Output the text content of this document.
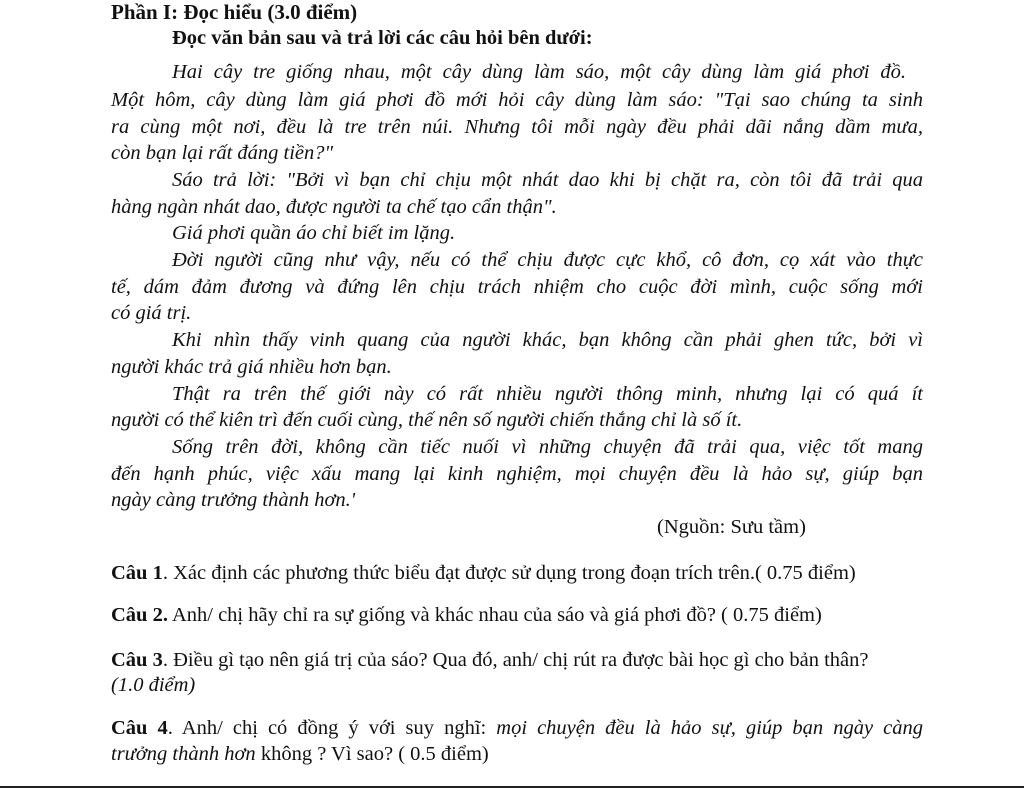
Phần I: Đọc hiểu (3.0 điểm)
Đọc văn bản sau và trả lời các câu hỏi bên dưới:
Hai cây tre giống nhau, một cây dùng làm sáo, một cây dùng làm giá phơi đồ.
Một hôm, cây dùng làm giá phơi đồ mới hỏi cây dùng làm sáo: "Tại sao chúng ta sinh
ra cùng một nơi, đều là tre trên núi. Nhưng tôi mỗi ngày đều phải dãi nắng dầm mưa,
còn bạn lại rất đáng tiền?"
Sáo trả lời: "Bởi vì bạn chỉ chịu một nhát dao khi bị chặt ra, còn tôi đã trải qua
hàng ngàn nhát dao, được người ta chế tạo cẩn thận".
Giá phơi quần áo chỉ biết im lặng.
Đời người cũng như vậy, nếu có thể chịu được cực khổ, cô đơn, cọ xát vào thực
tế, dám đảm đương và đứng lên chịu trách nhiệm cho cuộc đời mình, cuộc sống mới
có giá trị.
Khi nhìn thấy vinh quang của người khác, bạn không cần phải ghen tức, bởi vì
người khác trả giá nhiều hơn bạn.
Thật ra trên thế giới này có rất nhiều người thông minh, nhưng lại có quá ít
người có thể kiên trì đến cuối cùng, thế nên số người chiến thắng chỉ là số ít.
Sống trên đời, không cần tiếc nuối vì những chuyện đã trải qua, việc tốt mang
đến hạnh phúc, việc xấu mang lại kinh nghiệm, mọi chuyện đều là hảo sự, giúp bạn
ngày càng trưởng thành hơn.'
(Nguồn: Sưu tầm)
Câu 1. Xác định các phương thức biểu đạt được sử dụng trong đoạn trích trên.( 0.75 điểm)
Câu 2. Anh/ chị hãy chỉ ra sự giống và khác nhau của sáo và giá phơi đồ? ( 0.75 điểm)
Câu 3. Điều gì tạo nên giá trị của sáo? Qua đó, anh/ chị rút ra được bài học gì cho bản thân?
(1.0 điểm)
Câu 4. Anh/ chị có đồng ý với suy nghĩ: mọi chuyện đều là hảo sự, giúp bạn ngày càng
trưởng thành hơn không ? Vì sao? ( 0.5 điểm)
